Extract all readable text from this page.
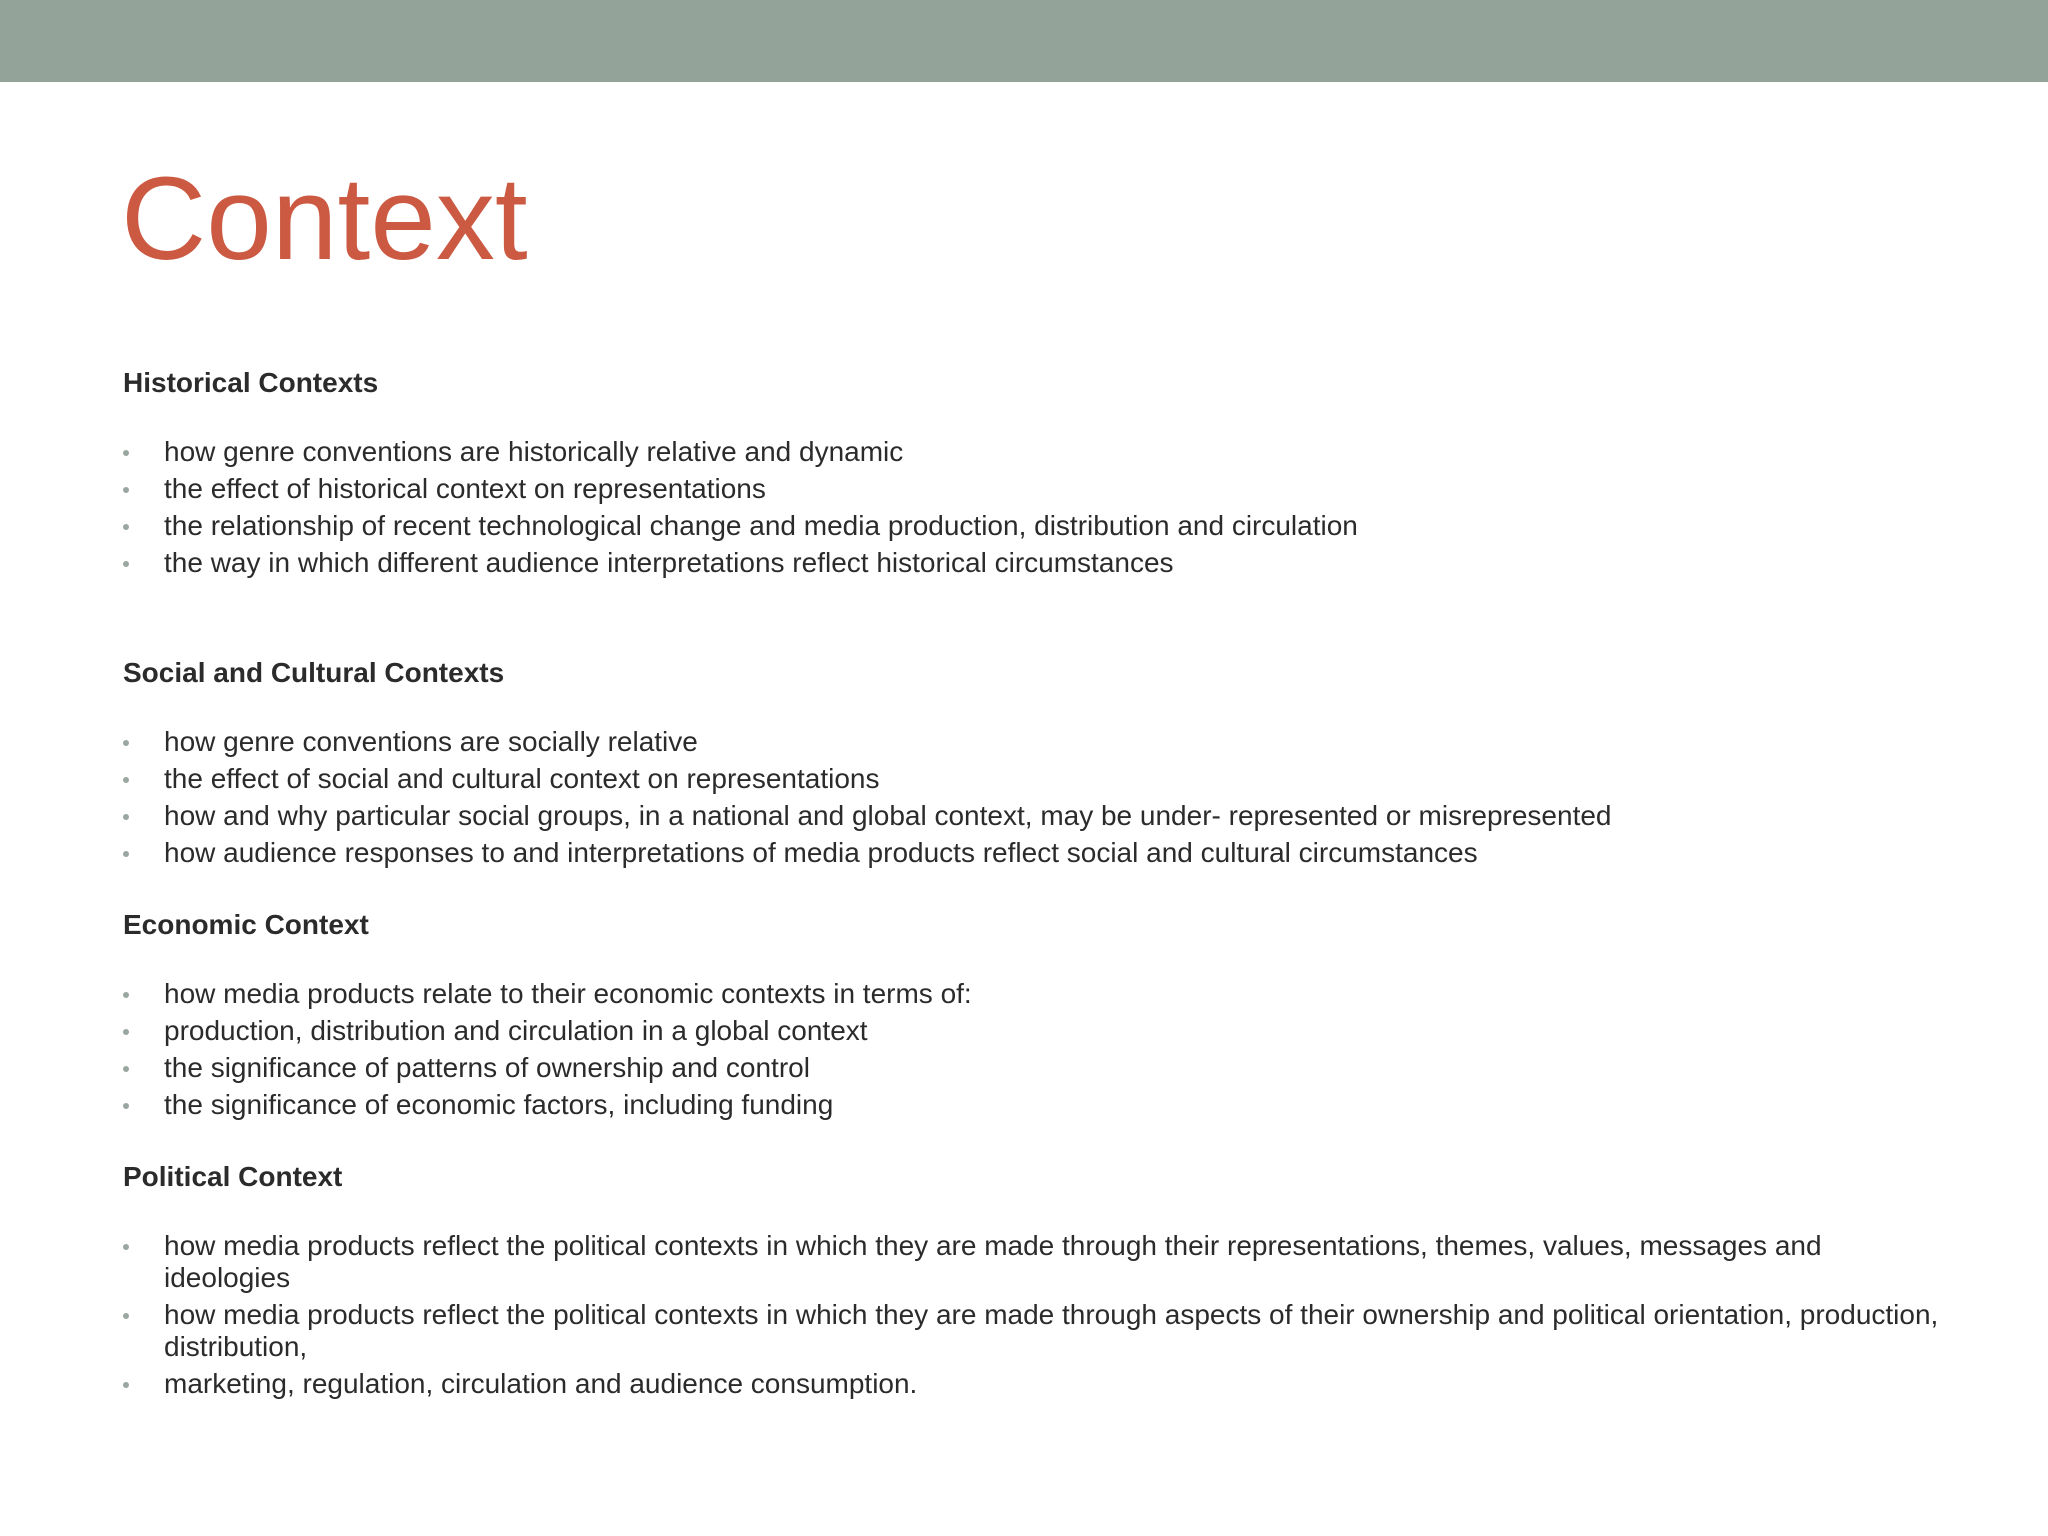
Context
Historical Contexts
how genre conventions are historically relative and dynamic
the effect of historical context on representations
the relationship of recent technological change and media production, distribution and circulation
the way in which different audience interpretations reflect historical circumstances
Social and Cultural Contexts
how genre conventions are socially relative
the effect of social and cultural context on representations
how and why particular social groups, in a national and global context, may be under- represented or misrepresented
how audience responses to and interpretations of media products reflect social and cultural circumstances
Economic Context
how media products relate to their economic contexts in terms of:
production, distribution and circulation in a global context
the significance of patterns of ownership and control
the significance of economic factors, including funding
Political Context
how media products reflect the political contexts in which they are made through their representations, themes, values, messages and ideologies
how media products reflect the political contexts in which they are made through aspects of their ownership and political orientation, production, distribution,
marketing, regulation, circulation and audience consumption.
